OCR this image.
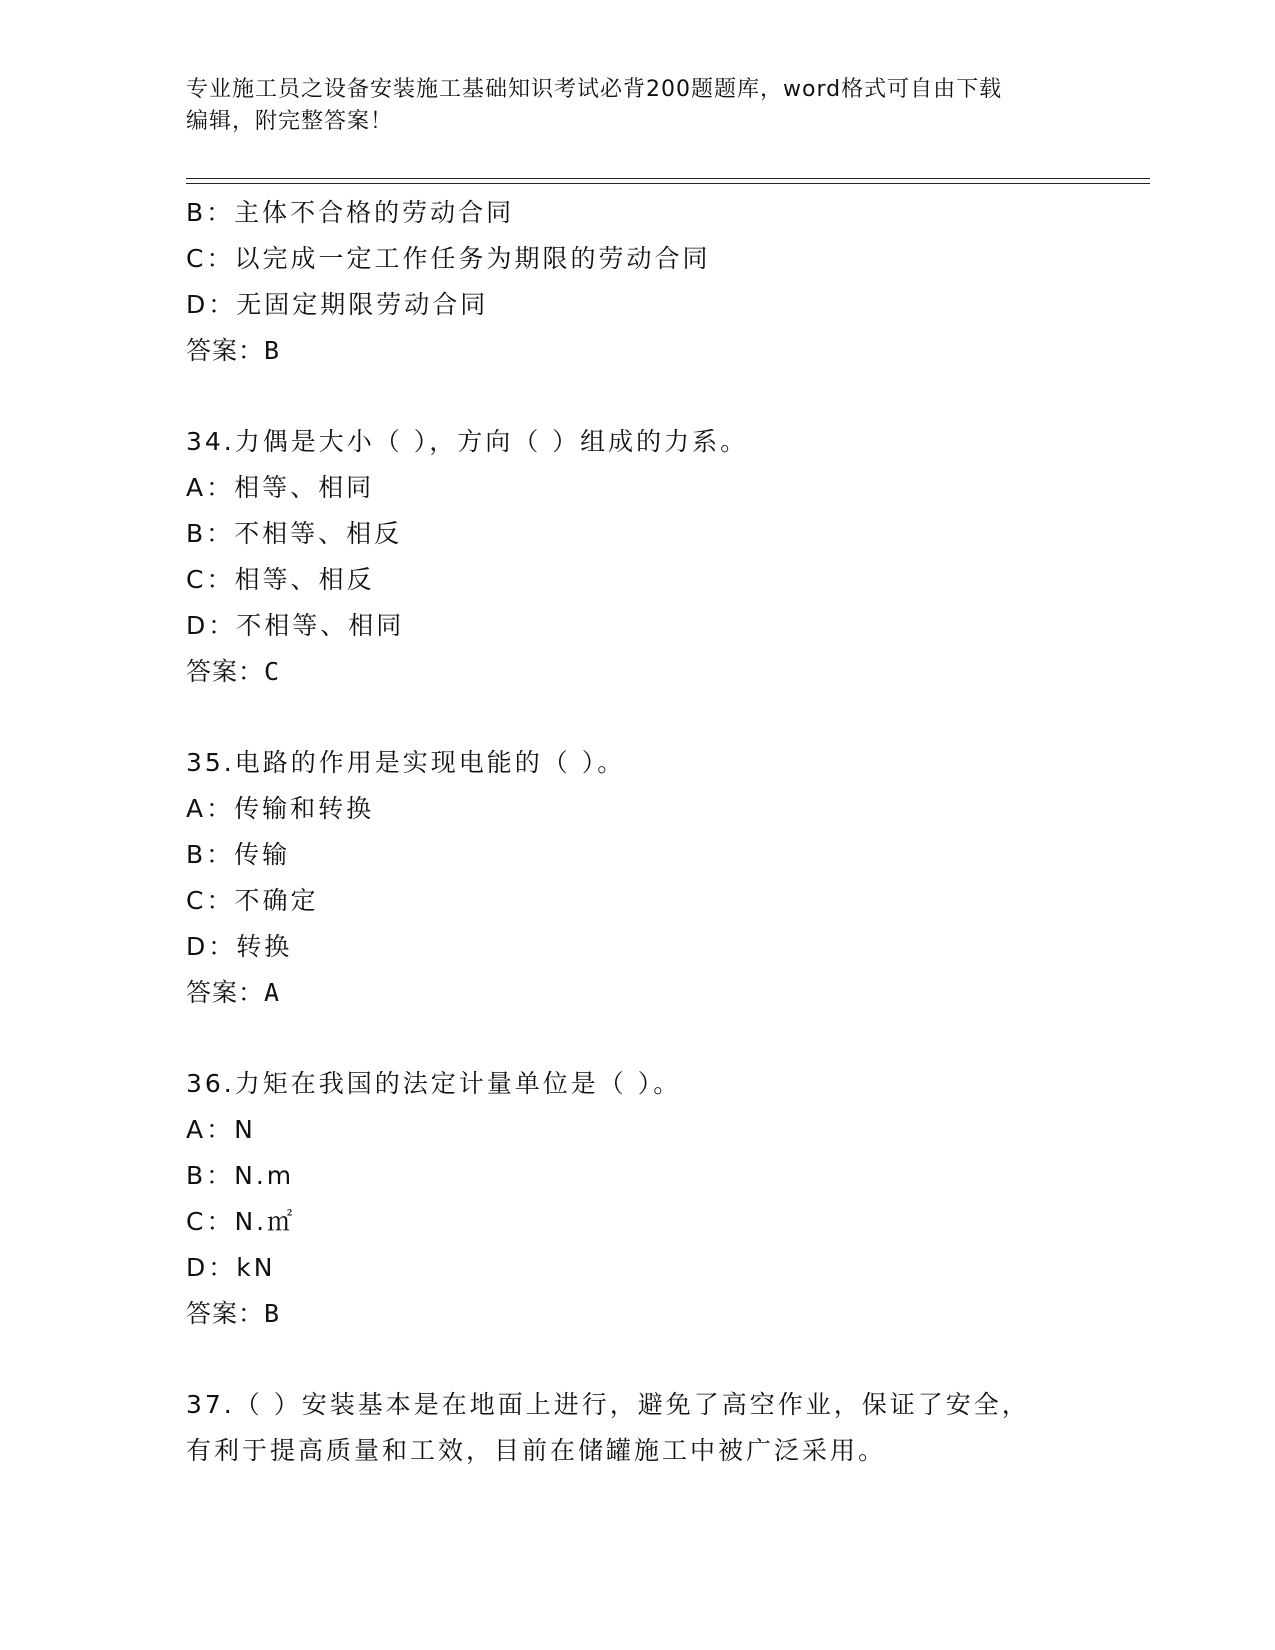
专业施工员之设备安装施工基础知识考试必背200题题库，word格式可自由下载
编辑，附完整答案！
B：主体不合格的劳动合同
C：以完成一定工作任务为期限的劳动合同
D：无固定期限劳动合同
答案：B
34.力偶是大小（ ），方向（ ）组成的力系。
A：相等、相同
B：不相等、相反
C：相等、相反
D：不相等、相同
答案：C
35.电路的作用是实现电能的（ ）。
A：传输和转换
B：传输
C：不确定
D：转换
答案：A
36.力矩在我国的法定计量单位是（ ）。
A：N
B：N.m
C：N.㎡
D：kN
答案：B
37.（ ）安装基本是在地面上进行，避免了高空作业，保证了安全，
有利于提高质量和工效，目前在储罐施工中被广泛采用。
